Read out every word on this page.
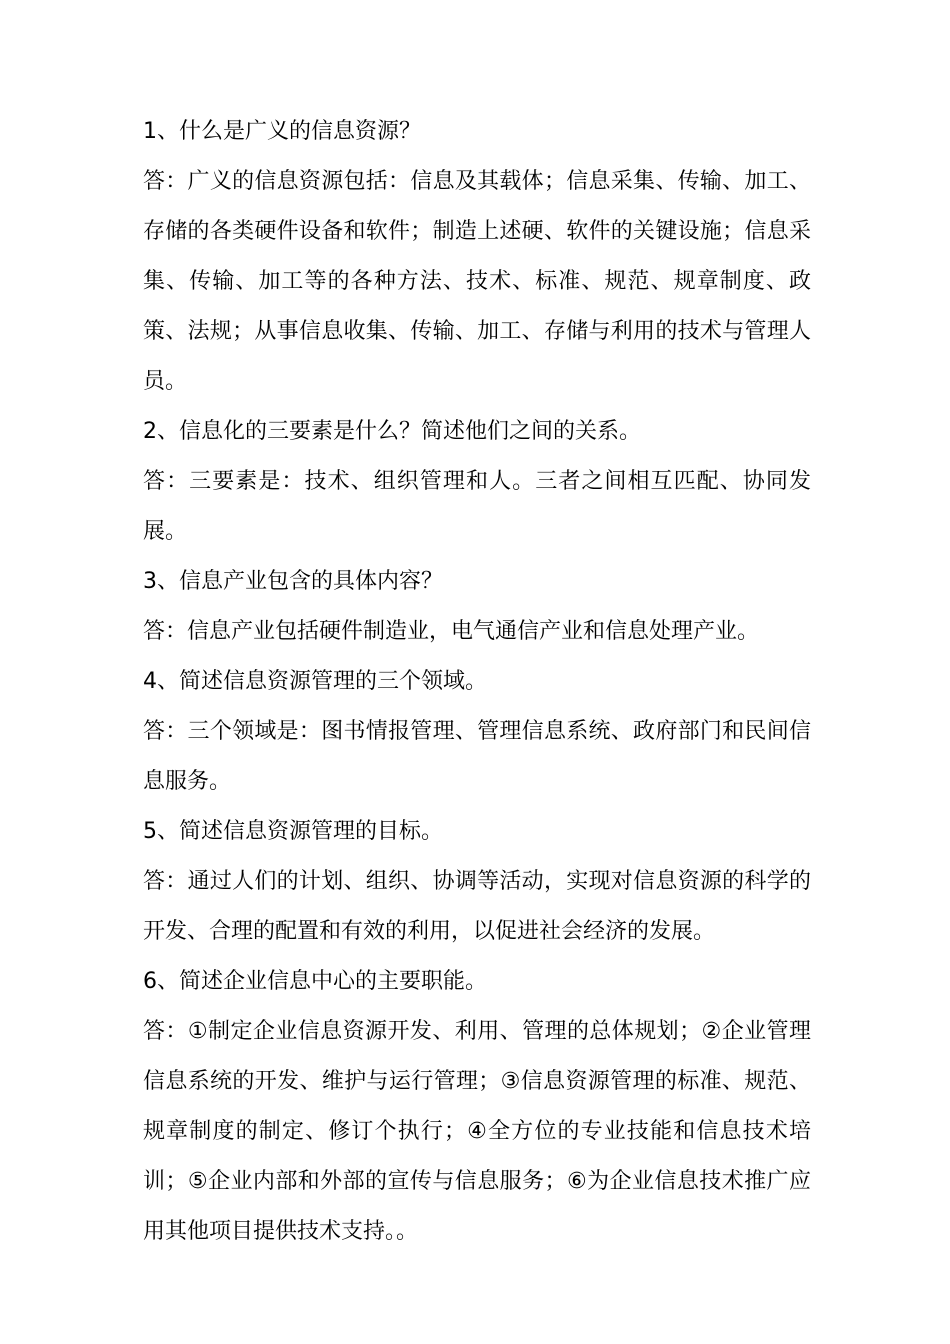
1、什么是广义的信息资源？

答：广义的信息资源包括：信息及其载体；信息采集、传输、加工、存储的各类硬件设备和软件；制造上述硬、软件的关键设施；信息采集、传输、加工等的各种方法、技术、标准、规范、规章制度、政策、法规；从事信息收集、传输、加工、存储与利用的技术与管理人员。

2、信息化的三要素是什么？简述他们之间的关系。

答：三要素是：技术、组织管理和人。三者之间相互匹配、协同发展。

3、信息产业包含的具体内容？

答：信息产业包括硬件制造业，电气通信产业和信息处理产业。

4、简述信息资源管理的三个领域。

答：三个领域是：图书情报管理、管理信息系统、政府部门和民间信息服务。

5、简述信息资源管理的目标。

答：通过人们的计划、组织、协调等活动，实现对信息资源的科学的开发、合理的配置和有效的利用，以促进社会经济的发展。

6、简述企业信息中心的主要职能。

答：①制定企业信息资源开发、利用、管理的总体规划；②企业管理信息系统的开发、维护与运行管理；③信息资源管理的标准、规范、规章制度的制定、修订个执行；④全方位的专业技能和信息技术培训；⑤企业内部和外部的宣传与信息服务；⑥为企业信息技术推广应用其他项目提供技术支持。。
